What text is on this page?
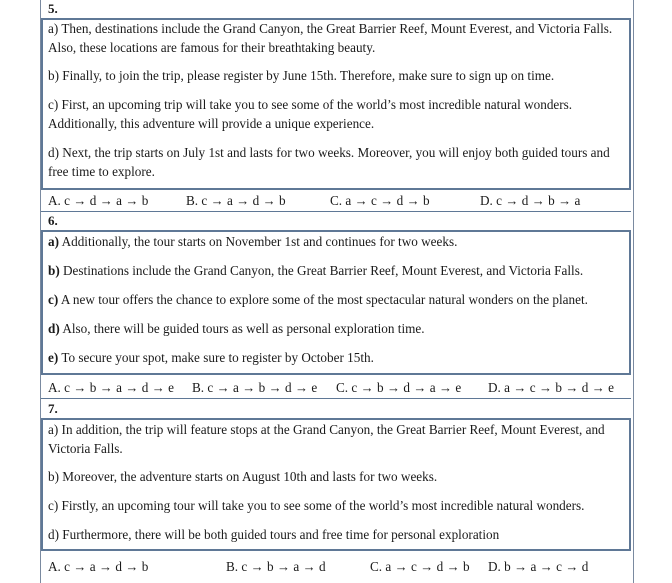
5.
a) Then, destinations include the Grand Canyon, the Great Barrier Reef, Mount Everest, and Victoria Falls. Also, these locations are famous for their breathtaking beauty.
b) Finally, to join the trip, please register by June 15th. Therefore, make sure to sign up on time.
c) First, an upcoming trip will take you to see some of the world’s most incredible natural wonders. Additionally, this adventure will provide a unique experience.
d) Next, the trip starts on July 1st and lasts for two weeks. Moreover, you will enjoy both guided tours and free time to explore.
A. c → d → a → b	B. c → a → d → b	C. a → c → d → b	D. c → d → b → a
6.
a) Additionally, the tour starts on November 1st and continues for two weeks.
b) Destinations include the Grand Canyon, the Great Barrier Reef, Mount Everest, and Victoria Falls.
c) A new tour offers the chance to explore some of the most spectacular natural wonders on the planet.
d) Also, there will be guided tours as well as personal exploration time.
e) To secure your spot, make sure to register by October 15th.
A. c → b → a → d → e B. c → a → b → d → e C. c → b → d → a → e D. a → c → b → d → e
7.
a) In addition, the trip will feature stops at the Grand Canyon, the Great Barrier Reef, Mount Everest, and Victoria Falls.
b) Moreover, the adventure starts on August 10th and lasts for two weeks.
c) Firstly, an upcoming tour will take you to see some of the world’s most incredible natural wonders.
d) Furthermore, there will be both guided tours and free time for personal exploration
A. c → a → d → b	B. c → b → a → d	C. a → c → d → b D. b → a → c → d
